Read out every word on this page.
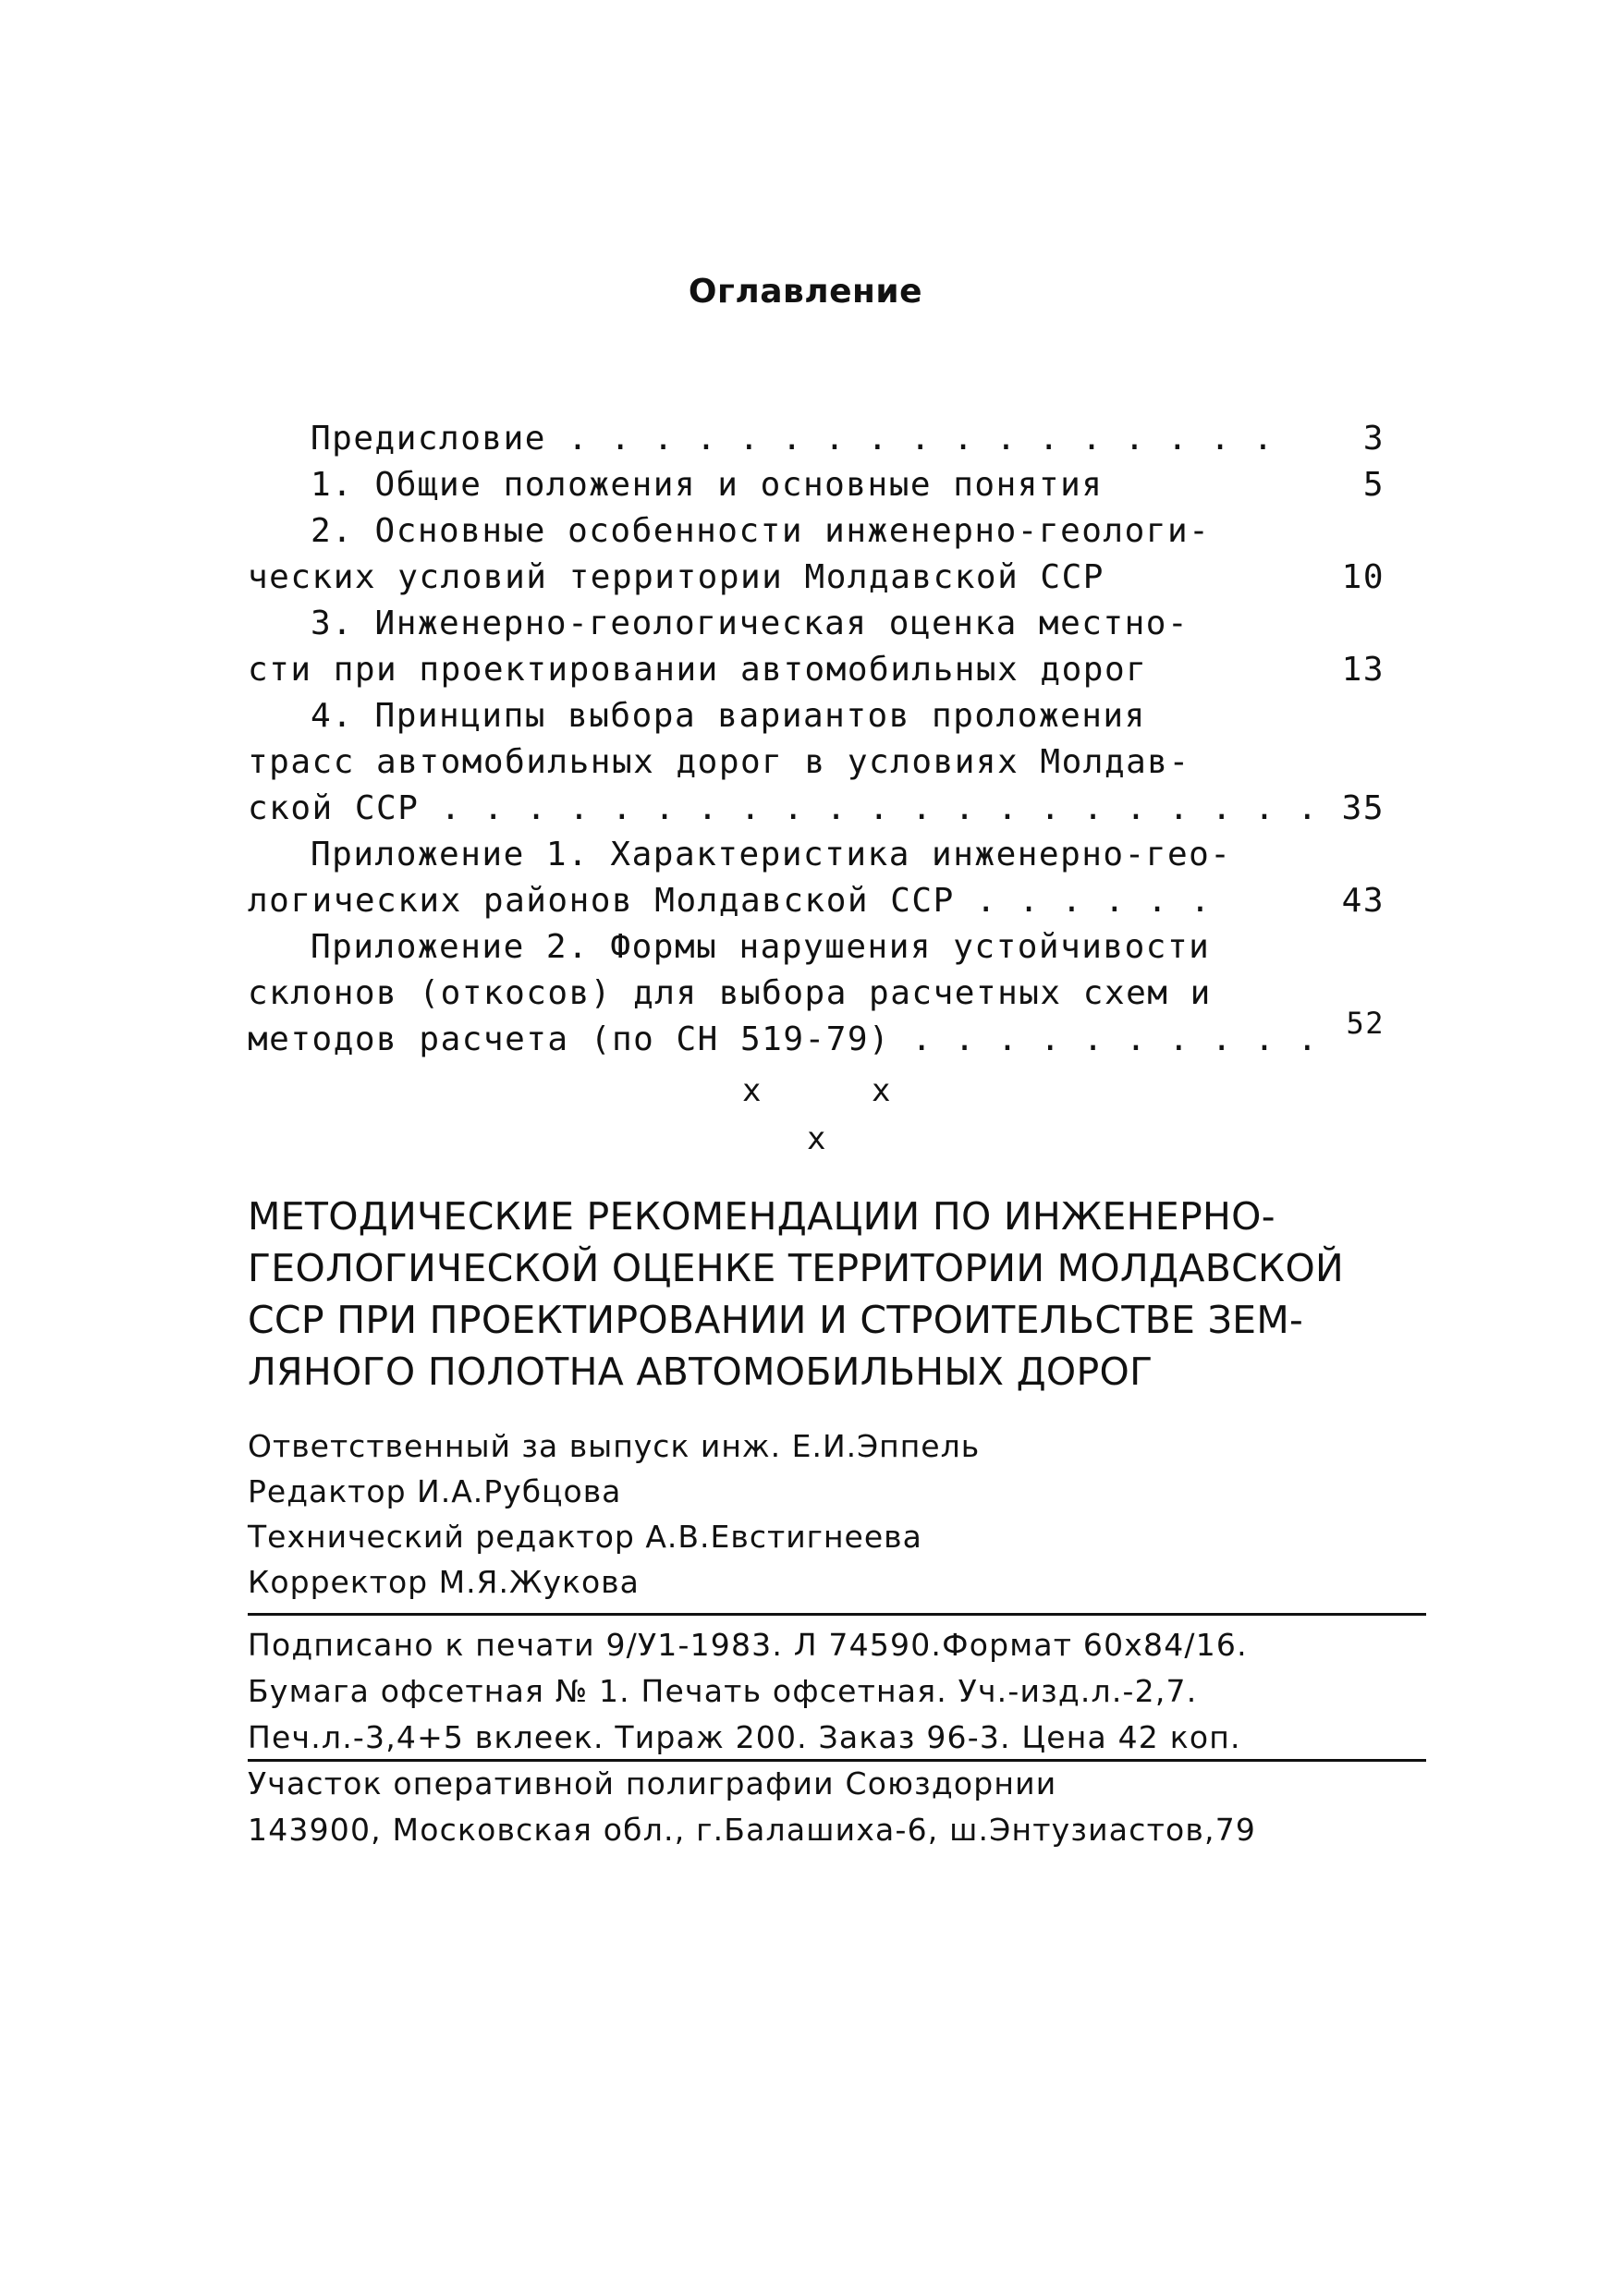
Оглавление
Предисловие . . . . . . . . . . . . . . . . .	3
1. Общие положения и основные понятия	5
2. Основные особенности инженерно-геологи-
ческих условий территории Молдавской ССР	10
3. Инженерно-геологическая оценка местно-
сти при проектировании автомобильных дорог	13
4. Принципы выбора вариантов проложения
трасс автомобильных дорог в условиях Молдав-
ской ССР . . . . . . . . . . . . . . . . . . . . . 35
Приложение 1. Характеристика инженерно-гео-
логических районов Молдавской ССР . . . . . .	43
Приложение 2. Формы нарушения устойчивости
склонов (откосов) для выбора расчетных схем и
методов расчета (по СН 519-79) . . . . . . . . . . 52
x	x
x
МЕТОДИЧЕСКИЕ РЕКОМЕНДАЦИИ ПО ИНЖЕНЕРНО-
ГЕОЛОГИЧЕСКОЙ ОЦЕНКЕ ТЕРРИТОРИИ МОЛДАВСКОЙ
ССР ПРИ ПРОЕКТИРОВАНИИ И СТРОИТЕЛЬСТВЕ ЗЕМ-
ЛЯНОГО ПОЛОТНА АВТОМОБИЛЬНЫХ ДОРОГ
Ответственный за выпуск инж. Е.И.Эппель
Редактор И.А.Рубцова
Технический редактор А.В.Евстигнеева
Корректор М.Я.Жукова
Подписано к печати 9/У1-1983. Л 74590.Формат 60х84/16.
Бумага офсетная № 1. Печать офсетная. Уч.-изд.л.-2,7.
Печ.л.-3,4+5 вклеек. Тираж 200. Заказ 96-3. Цена 42 коп.
Участок оперативной полиграфии Союздорнии
143900, Московская обл., г.Балашиха-6, ш.Энтузиастов,79
